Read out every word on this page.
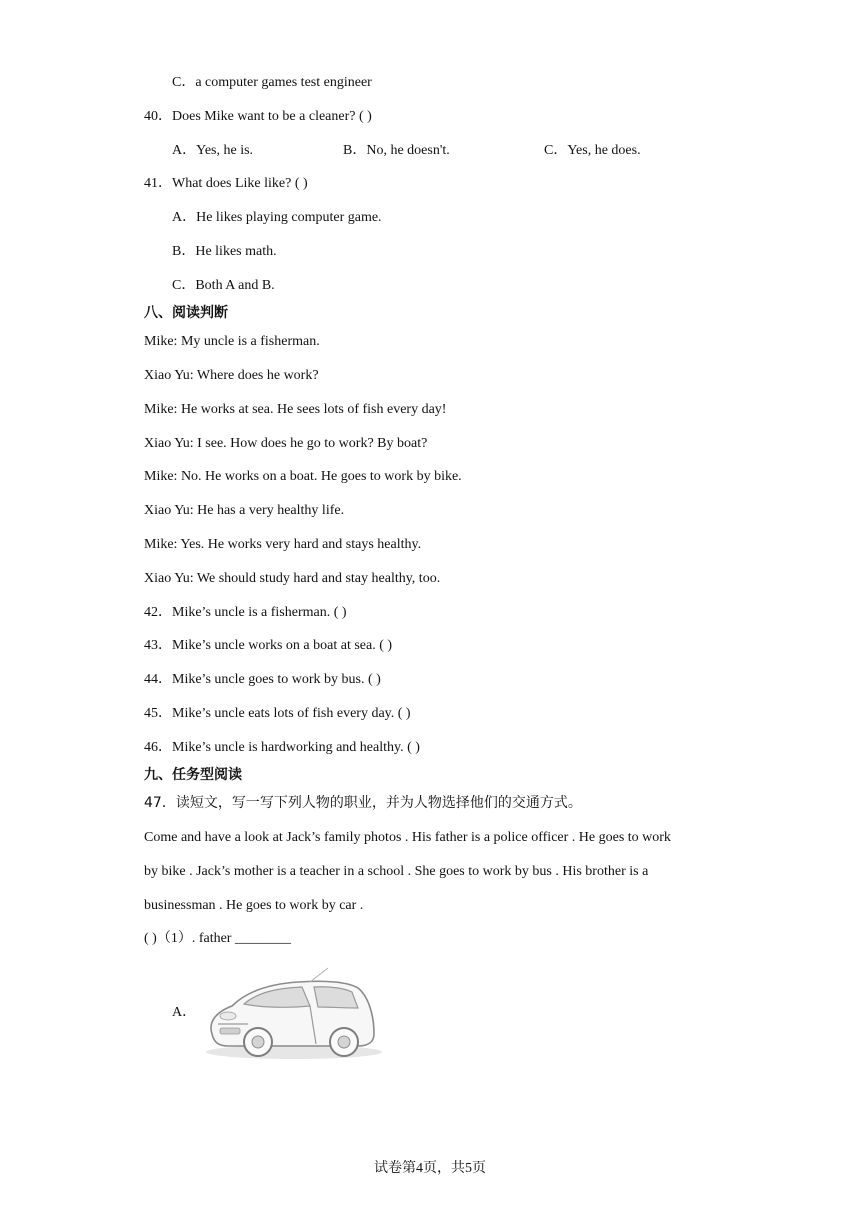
C．a computer games test engineer
40．Does Mike want to be a cleaner? ( )
A．Yes, he is.	B．No, he doesn't.	C．Yes, he does.
41．What does Like like? ( )
A．He likes playing computer game.
B．He likes math.
C．Both A and B.
八、阅读判断
Mike: My uncle is a fisherman.
Xiao Yu: Where does he work?
Mike: He works at sea. He sees lots of fish every day!
Xiao Yu: I see. How does he go to work? By boat?
Mike: No. He works on a boat. He goes to work by bike.
Xiao Yu: He has a very healthy life.
Mike: Yes. He works very hard and stays healthy.
Xiao Yu: We should study hard and stay healthy, too.
42．Mike’s uncle is a fisherman. ( )
43．Mike’s uncle works on a boat at sea. ( )
44．Mike’s uncle goes to work by bus. ( )
45．Mike’s uncle eats lots of fish every day. ( )
46．Mike’s uncle is hardworking and healthy. ( )
九、任务型阅读
47．读短文，写一写下列人物的职业，并为人物选择他们的交通方式。
Come and have a look at Jack’s family photos . His father is a police officer . He goes to work
by bike . Jack’s mother is a teacher in a school . She goes to work by bus . His brother is a
businessman . He goes to work by car .
( )（1）. father ________
A．
试卷第4页，共5页
